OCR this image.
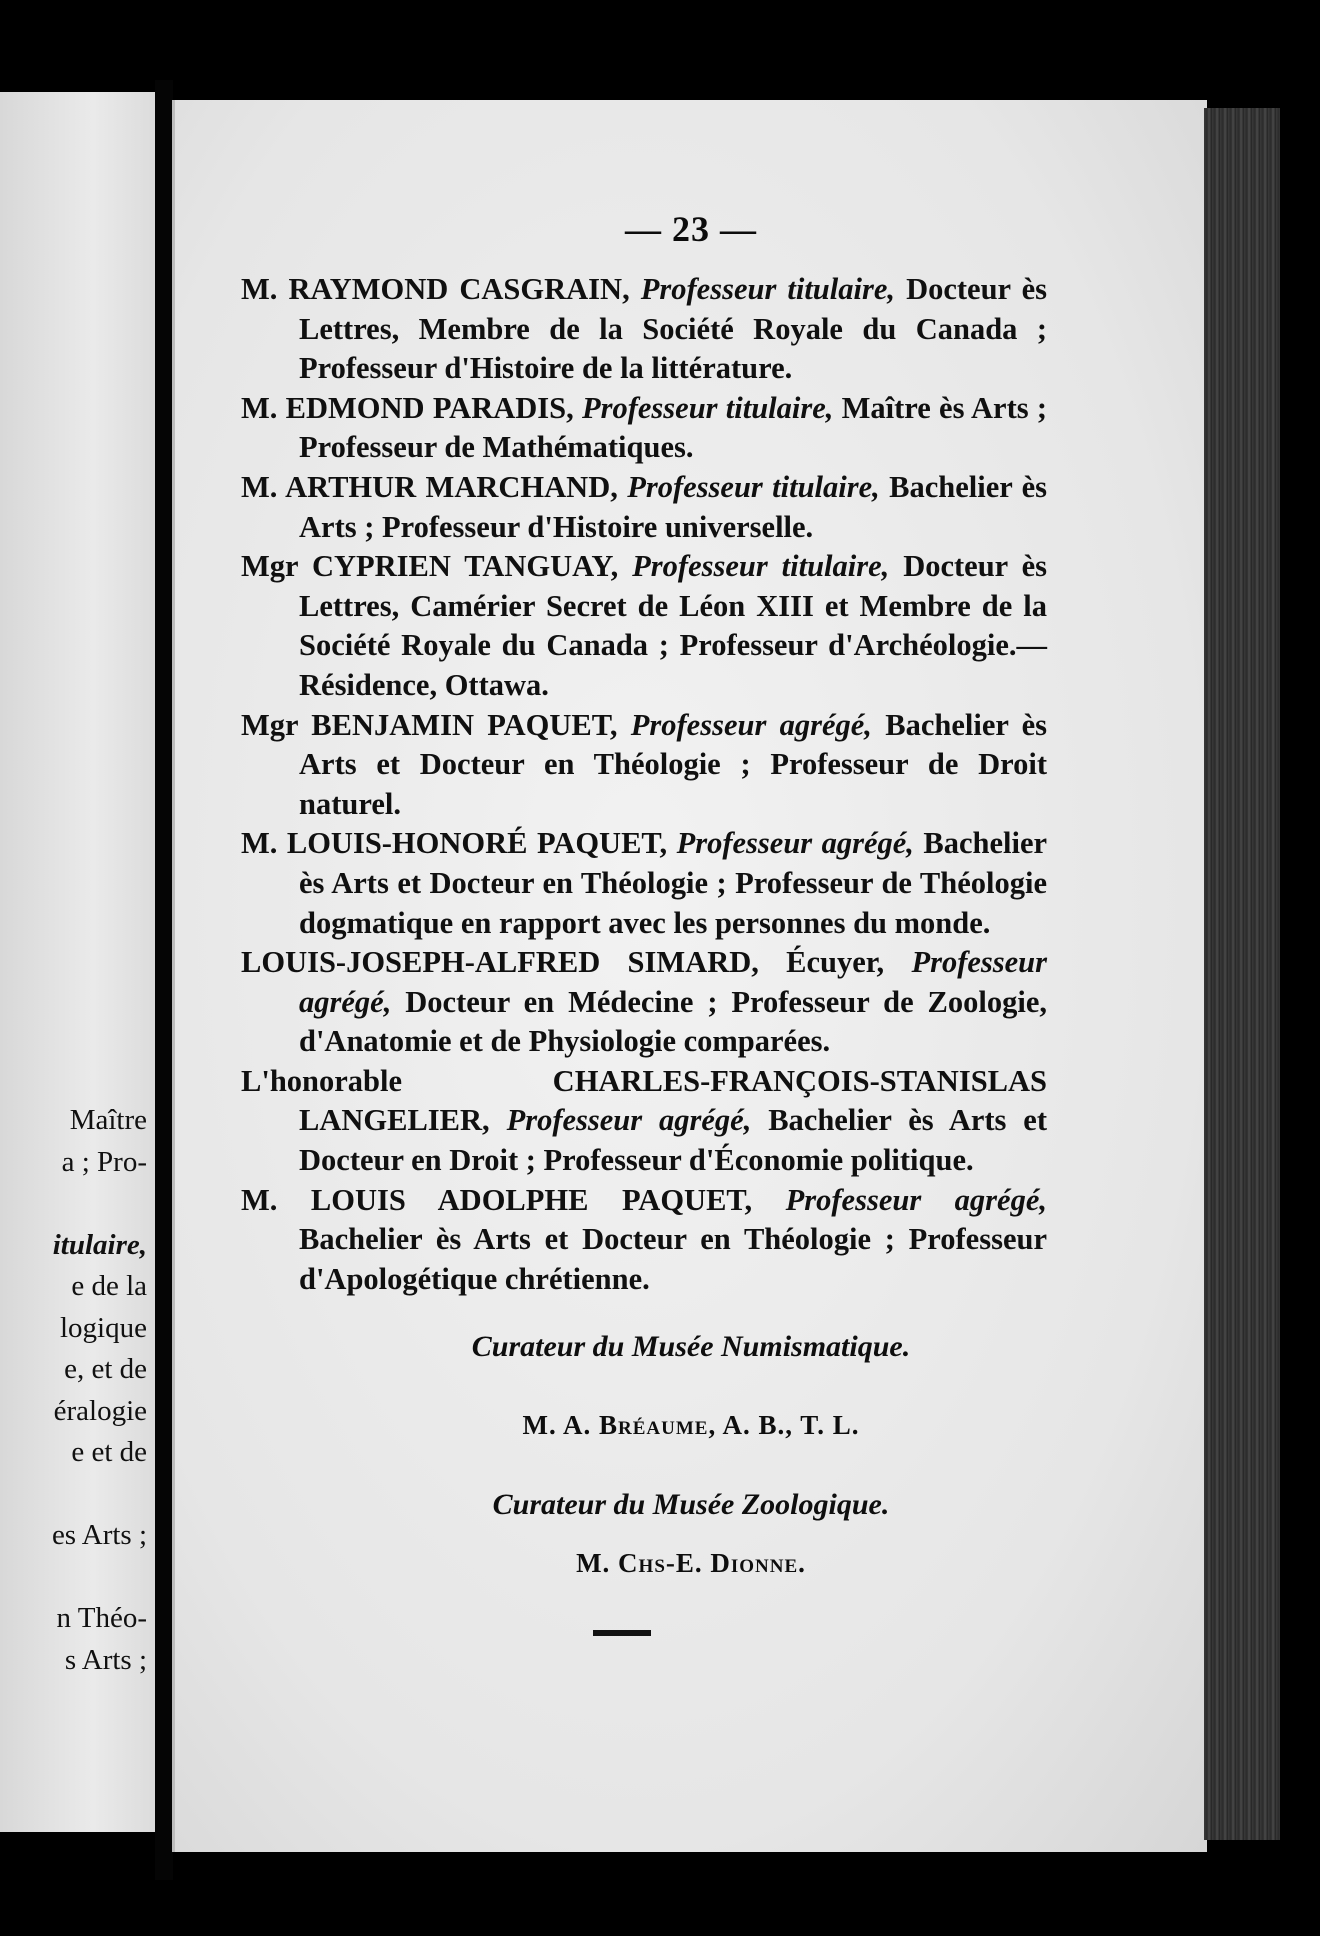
Maître
a ; Pro-
itulaire,
e de la
logique
e, et de
éralogie
e et de
es Arts ;
n Théo-
s Arts ;
— 23 —

M. RAYMOND CASGRAIN, Professeur titulaire, Docteur ès Lettres, Membre de la Société Royale du Canada ; Professeur d'Histoire de la littérature.

M. EDMOND PARADIS, Professeur titulaire, Maître ès Arts ; Professeur de Mathématiques.

M. ARTHUR MARCHAND, Professeur titulaire, Bachelier ès Arts ; Professeur d'Histoire universelle.

Mgr CYPRIEN TANGUAY, Professeur titulaire, Docteur ès Lettres, Camérier Secret de Léon XIII et Membre de la Société Royale du Canada ; Professeur d'Archéologie.— Résidence, Ottawa.

Mgr BENJAMIN PAQUET, Professeur agrégé, Bachelier ès Arts et Docteur en Théologie ; Professeur de Droit naturel.

M. LOUIS-HONORÉ PAQUET, Professeur agrégé, Bachelier ès Arts et Docteur en Théologie ; Professeur de Théologie dogmatique en rapport avec les personnes du monde.

LOUIS-JOSEPH-ALFRED SIMARD, Écuyer, Professeur agrégé, Docteur en Médecine ; Professeur de Zoologie, d'Anatomie et de Physiologie comparées.

L'honorable CHARLES-FRANÇOIS-STANISLAS LANGELIER, Professeur agrégé, Bachelier ès Arts et Docteur en Droit ; Professeur d'Économie politique.

M. LOUIS ADOLPHE PAQUET, Professeur agrégé, Bachelier ès Arts et Docteur en Théologie ; Professeur d'Apologétique chrétienne.

Curateur du Musée Numismatique.
M. A. Bréaume, A. B., T. L.
Curateur du Musée Zoologique.
M. Chs-E. Dionne.
